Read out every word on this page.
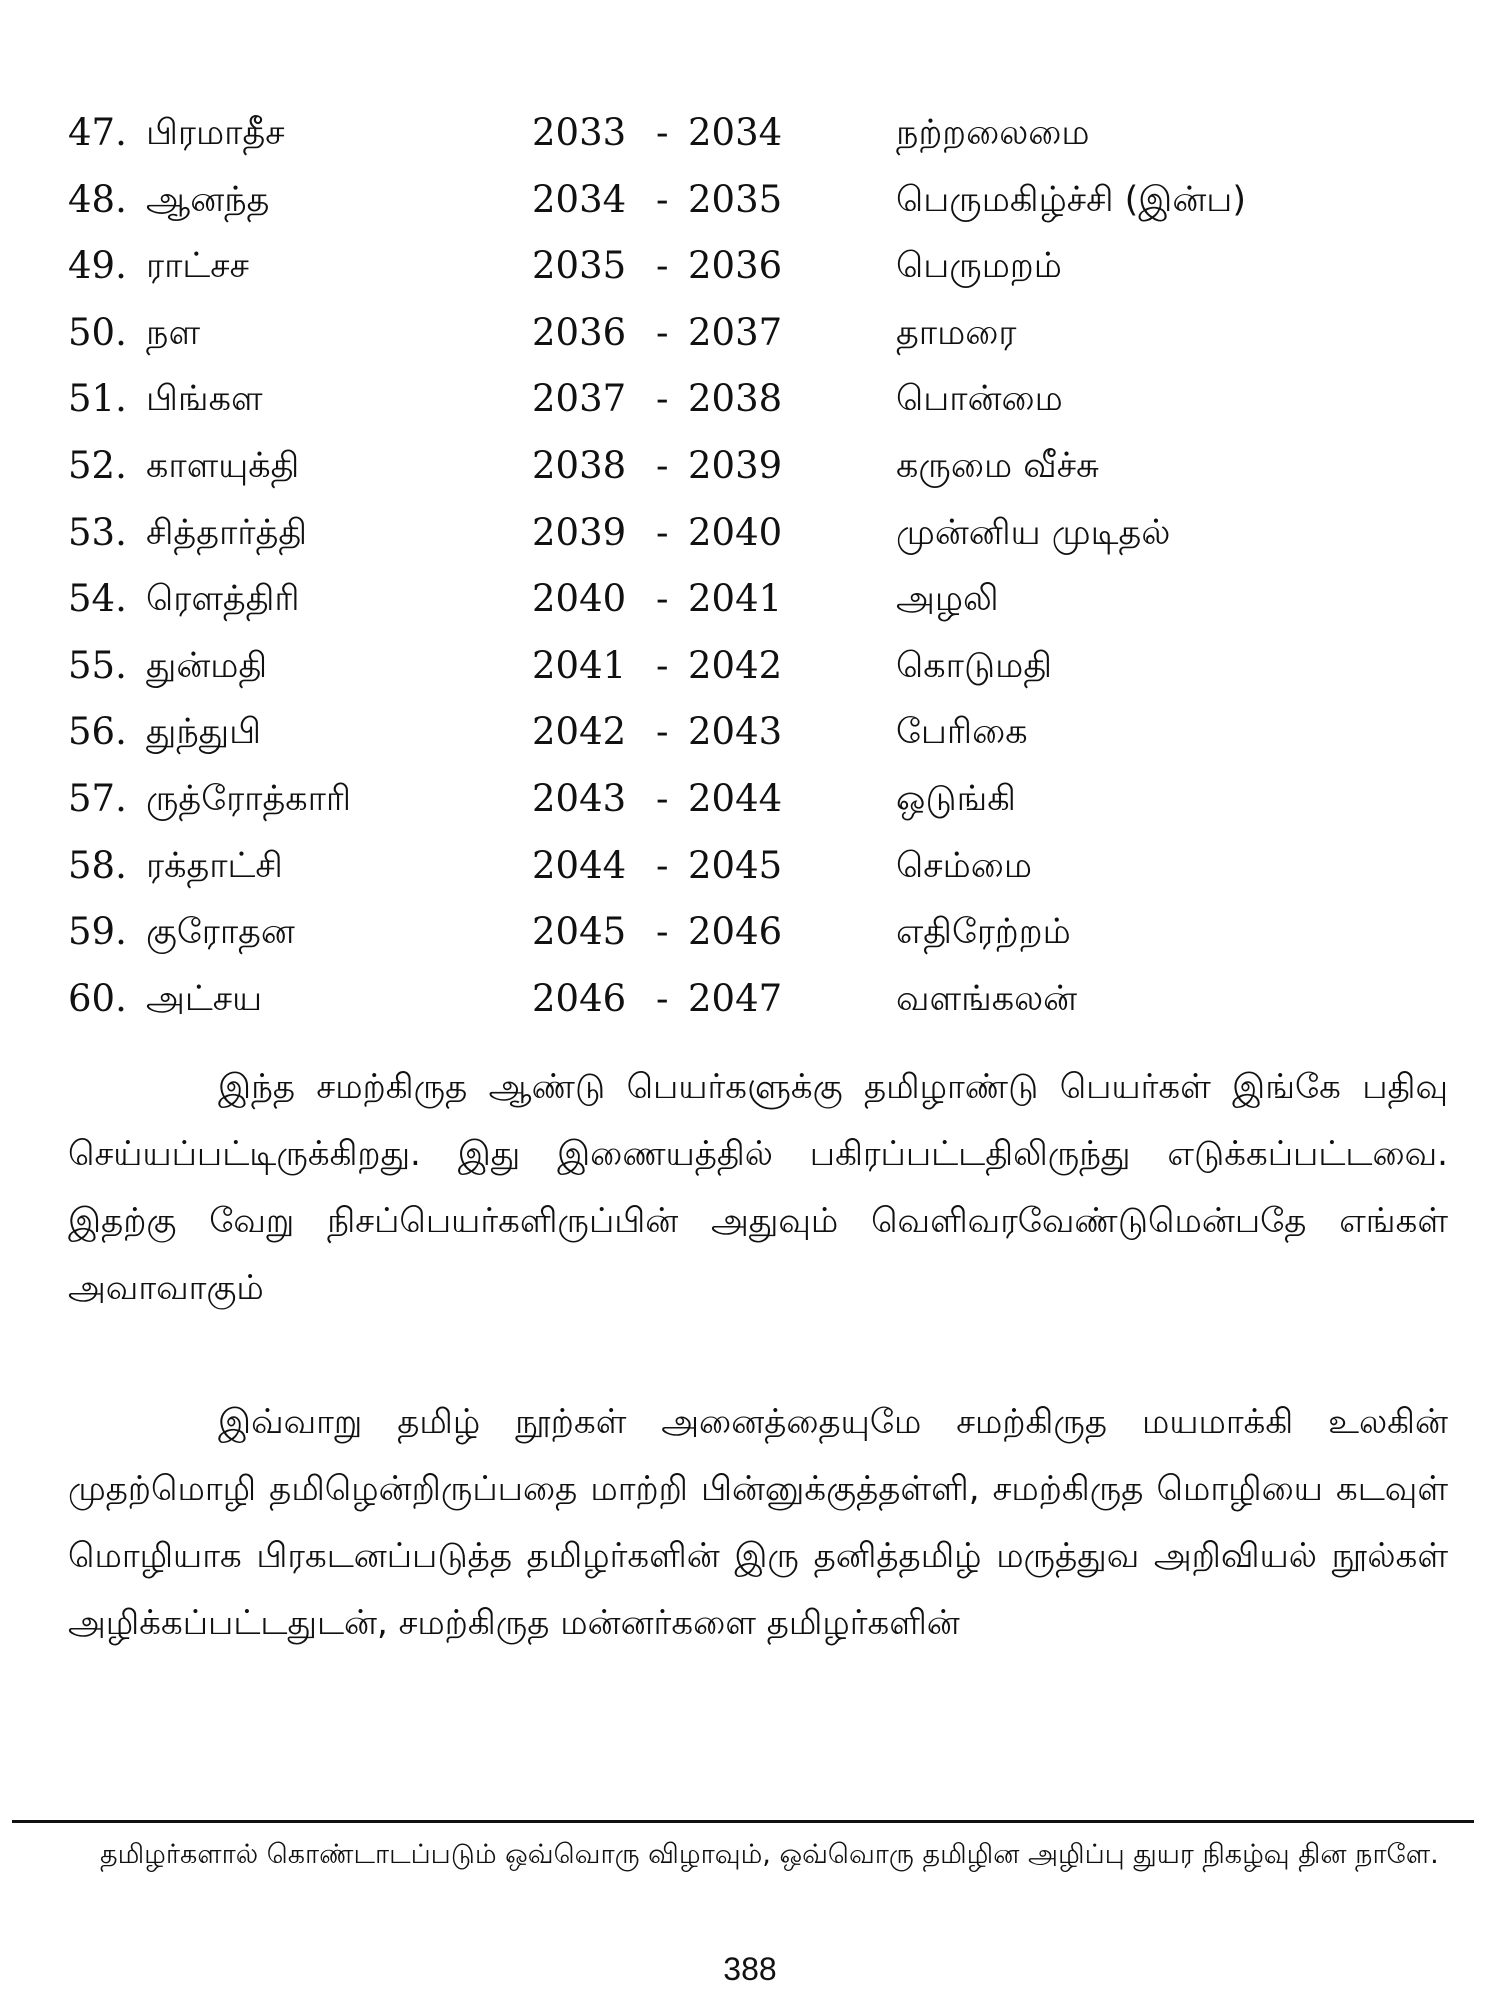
47. பிரமாதீச	2033 - 2034	நற்றலைமை
48. ஆனந்த	2034 - 2035	பெருமகிழ்ச்சி (இன்ப)
49. ராட்சச	2035 - 2036	பெருமறம்
50. நள	2036 - 2037	தாமரை
51. பிங்கள	2037 - 2038	பொன்மை
52. காளயுக்தி	2038 - 2039	கருமை வீச்சு
53. சித்தார்த்தி	2039 - 2040	முன்னிய முடிதல்
54. ரௌத்திரி	2040 - 2041	அழலி
55. துன்மதி	2041 - 2042	கொடுமதி
56. துந்துபி	2042 - 2043	பேரிகை
57. ருத்ரோத்காரி	2043 - 2044	ஒடுங்கி
58. ரக்தாட்சி	2044 - 2045	செம்மை
59. குரோதன	2045 - 2046	எதிரேற்றம்
60. அட்சய	2046 - 2047	வளங்கலன்

இந்த சமற்கிருத ஆண்டு பெயர்களுக்கு தமிழாண்டு பெயர்கள் இங்கே பதிவு செய்யப்பட்டிருக்கிறது. இது இணையத்தில் பகிரப்பட்டதிலிருந்து எடுக்கப்பட்டவை. இதற்கு வேறு நிசப்பெயர்களிருப்பின் அதுவும் வெளிவரவேண்டுமென்பதே எங்கள் அவாவாகும்

இவ்வாறு தமிழ் நூற்கள் அனைத்தையுமே சமற்கிருத மயமாக்கி உலகின் முதற்மொழி தமிழென்றிருப்பதை மாற்றி பின்னுக்குத்தள்ளி, சமற்கிருத மொழியை கடவுள் மொழியாக பிரகடனப்படுத்த தமிழர்களின் இரு தனித்தமிழ் மருத்துவ அறிவியல் நூல்கள் அழிக்கப்பட்டதுடன், சமற்கிருத மன்னர்களை தமிழர்களின்

தமிழர்களால் கொண்டாடப்படும் ஒவ்வொரு விழாவும், ஒவ்வொரு தமிழின அழிப்பு துயர நிகழ்வு தின நாளே.
388
